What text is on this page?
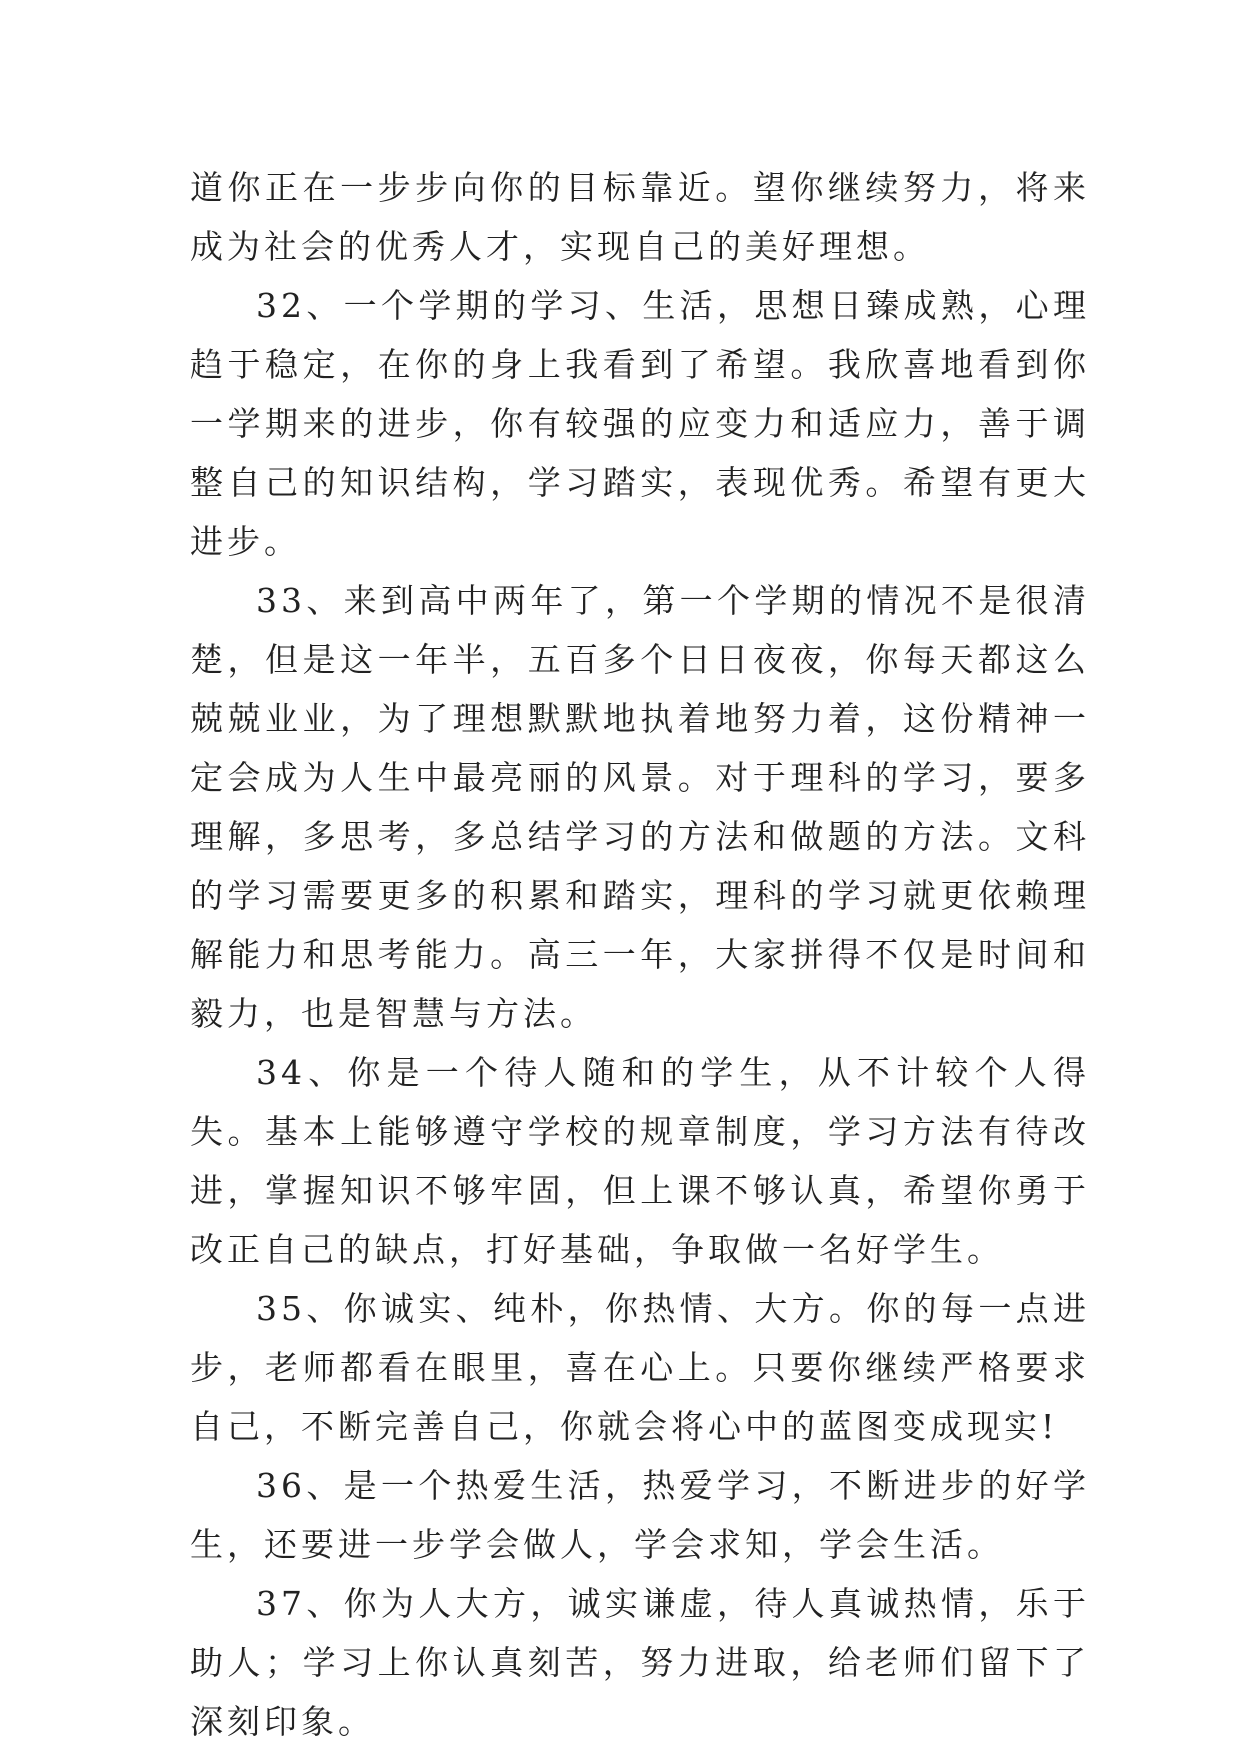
道你正在一步步向你的目标靠近。望你继续努力，将来成为社会的优秀人才，实现自己的美好理想。

32、一个学期的学习、生活，思想日臻成熟，心理趋于稳定，在你的身上我看到了希望。我欣喜地看到你一学期来的进步，你有较强的应变力和适应力，善于调整自己的知识结构，学习踏实，表现优秀。希望有更大进步。

33、来到高中两年了，第一个学期的情况不是很清楚，但是这一年半，五百多个日日夜夜，你每天都这么兢兢业业，为了理想默默地执着地努力着，这份精神一定会成为人生中最亮丽的风景。对于理科的学习，要多理解，多思考，多总结学习的方法和做题的方法。文科的学习需要更多的积累和踏实，理科的学习就更依赖理解能力和思考能力。高三一年，大家拼得不仅是时间和毅力，也是智慧与方法。

34、你是一个待人随和的学生，从不计较个人得失。基本上能够遵守学校的规章制度，学习方法有待改进，掌握知识不够牢固，但上课不够认真，希望你勇于改正自己的缺点，打好基础，争取做一名好学生。

35、你诚实、纯朴，你热情、大方。你的每一点进步，老师都看在眼里，喜在心上。只要你继续严格要求自己，不断完善自己，你就会将心中的蓝图变成现实!

36、是一个热爱生活，热爱学习，不断进步的好学生，还要进一步学会做人，学会求知，学会生活。

37、你为人大方，诚实谦虚，待人真诚热情，乐于助人；学习上你认真刻苦，努力进取，给老师们留下了深刻印象。
